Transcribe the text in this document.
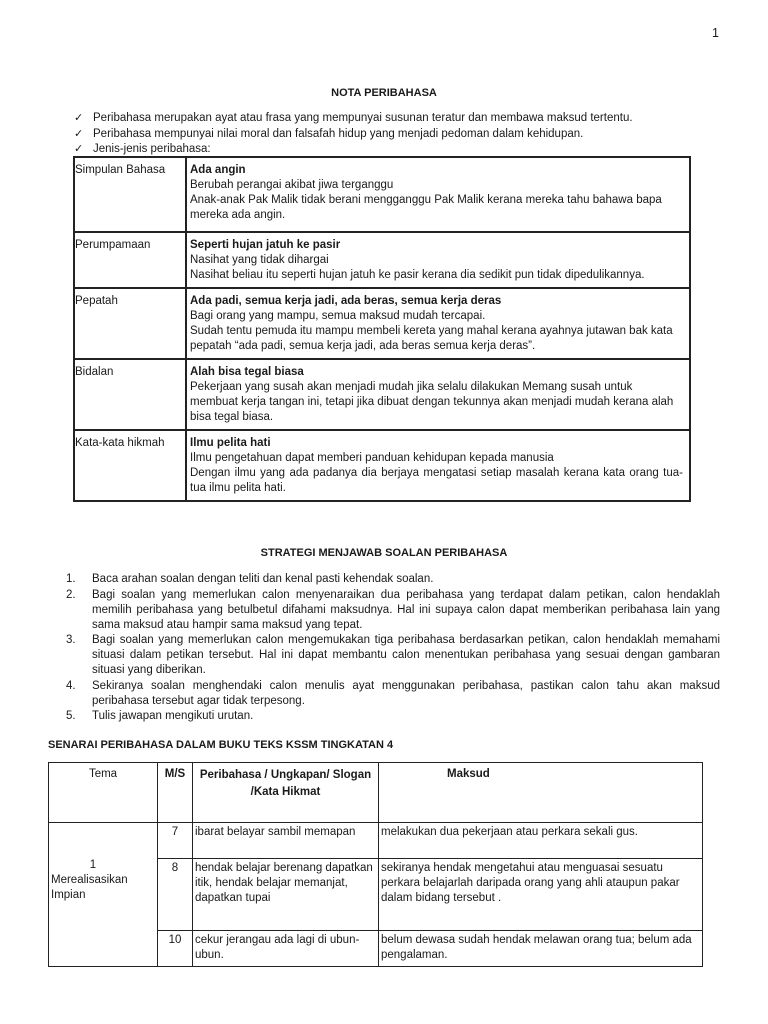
1
NOTA PERIBAHASA
✓ Peribahasa merupakan ayat atau frasa yang mempunyai susunan teratur dan membawa maksud tertentu.
✓ Peribahasa mempunyai nilai moral dan falsafah hidup yang menjadi pedoman dalam kehidupan.
✓ Jenis-jenis peribahasa:
Simpulan Bahasa	Ada angin
Berubah perangai akibat jiwa terganggu
Anak-anak Pak Malik tidak berani mengganggu Pak Malik kerana mereka tahu bahawa bapa mereka ada angin.

Perumpamaan	Seperti hujan jatuh ke pasir
Nasihat yang tidak dihargai
Nasihat beliau itu seperti hujan jatuh ke pasir kerana dia sedikit pun tidak dipedulikannya.

Pepatah	Ada padi, semua kerja jadi, ada beras, semua kerja deras
Bagi orang yang mampu, semua maksud mudah tercapai.
Sudah tentu pemuda itu mampu membeli kereta yang mahal kerana ayahnya jutawan bak kata pepatah “ada padi, semua kerja jadi, ada beras semua kerja deras”.

Bidalan	Alah bisa tegal biasa
Pekerjaan yang susah akan menjadi mudah jika selalu dilakukan Memang susah untuk membuat kerja tangan ini, tetapi jika dibuat dengan tekunnya akan menjadi mudah kerana alah bisa tegal biasa.

Kata-kata hikmah	Ilmu pelita hati
Ilmu pengetahuan dapat memberi panduan kehidupan kepada manusia
Dengan ilmu yang ada padanya dia berjaya mengatasi setiap masalah kerana kata orang tua-tua ilmu pelita hati.
STRATEGI MENJAWAB SOALAN PERIBAHASA
1.	Baca arahan soalan dengan teliti dan kenal pasti kehendak soalan.
2.	Bagi soalan yang memerlukan calon menyenaraikan dua peribahasa yang terdapat dalam petikan, calon hendaklah memilih peribahasa yang betulbetul difahami maksudnya. Hal ini supaya calon dapat memberikan peribahasa lain yang sama maksud atau hampir sama maksud yang tepat.
3.	Bagi soalan yang memerlukan calon mengemukakan tiga peribahasa berdasarkan petikan, calon hendaklah memahami situasi dalam petikan tersebut. Hal ini dapat membantu calon menentukan peribahasa yang sesuai dengan gambaran situasi yang diberikan.
4.	Sekiranya soalan menghendaki calon menulis ayat menggunakan peribahasa, pastikan calon tahu akan maksud peribahasa tersebut agar tidak terpesong.
5.	Tulis jawapan mengikuti urutan.
SENARAI PERIBAHASA DALAM BUKU TEKS KSSM TINGKATAN 4
Tema	M/S	Peribahasa / Ungkapan/ Slogan
/Kata Hikmat	Maksud

1
Merealisasikan Impian	7	ibarat belayar sambil memapan	melakukan dua pekerjaan atau perkara sekali gus.
	8	hendak belajar berenang dapatkan itik, hendak belajar memanjat, dapatkan tupai	sekiranya hendak mengetahui atau menguasai sesuatu perkara belajarlah daripada orang yang ahli ataupun pakar dalam bidang tersebut .
	10	cekur jerangau ada lagi di ubun-ubun.	belum dewasa sudah hendak melawan orang tua; belum ada pengalaman.
